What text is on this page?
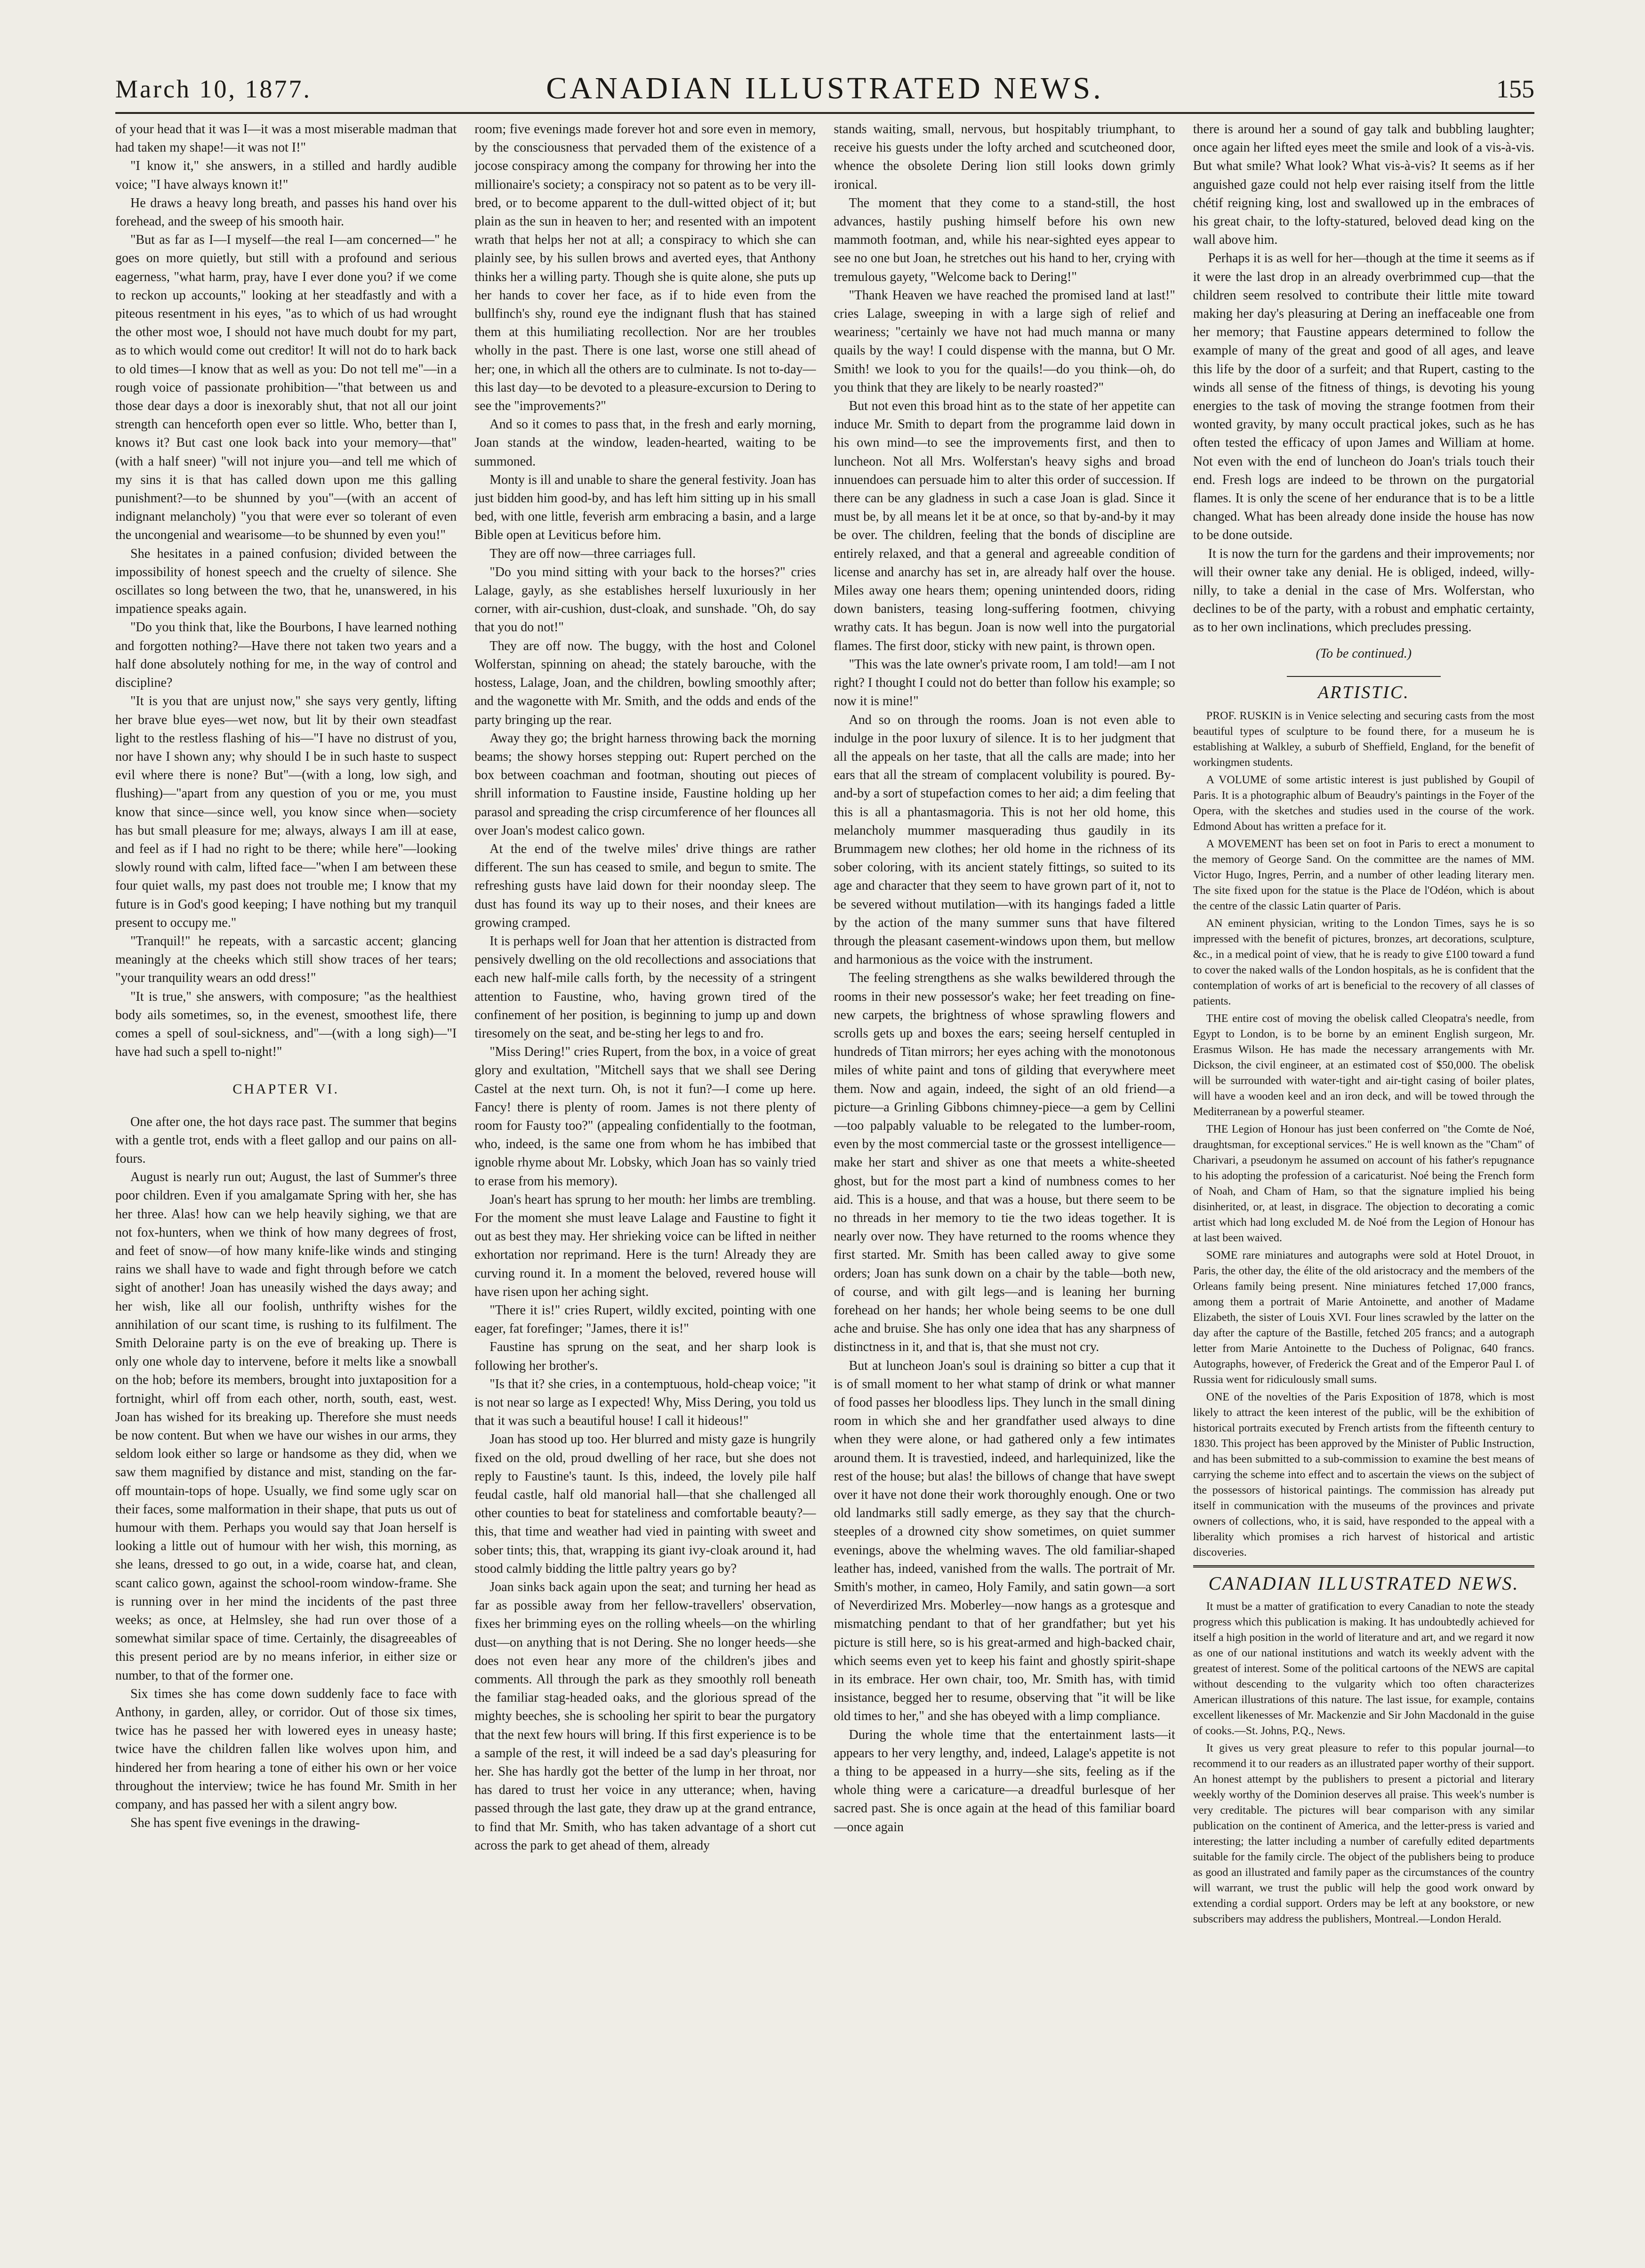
March 10, 1877.	CANADIAN ILLUSTRATED NEWS.	155

of your head that it was I—it was a most miserable madman that had taken my shape!—it was not I!"

"I know it," she answers, in a stilled and hardly audible voice; "I have always known it!"

He draws a heavy long breath, and passes his hand over his forehead, and the sweep of his smooth hair.

"But as far as I—I myself—the real I—am concerned—" he goes on more quietly, but still with a profound and serious eagerness, "what harm, pray, have I ever done you? if we come to reckon up accounts," looking at her steadfastly and with a piteous resentment in his eyes, "as to which of us had wrought the other most woe, I should not have much doubt for my part, as to which would come out creditor! It will not do to hark back to old times—I know that as well as you: Do not tell me"—in a rough voice of passionate prohibition—"that between us and those dear days a door is inexorably shut, that not all our joint strength can henceforth open ever so little. Who, better than I, knows it? But cast one look back into your memory—that" (with a half sneer) "will not injure you—and tell me which of my sins it is that has called down upon me this galling punishment?—to be shunned by you"—(with an accent of indignant melancholy) "you that were ever so tolerant of even the uncongenial and wearisome—to be shunned by even you!"

She hesitates in a pained confusion; divided between the impossibility of honest speech and the cruelty of silence. She oscillates so long between the two, that he, unanswered, in his impatience speaks again.

"Do you think that, like the Bourbons, I have learned nothing and forgotten nothing?—Have there not taken two years and a half done absolutely nothing for me, in the way of control and discipline?

"It is you that are unjust now," she says very gently, lifting her brave blue eyes—wet now, but lit by their own steadfast light to the restless flashing of his—"I have no distrust of you, nor have I shown any; why should I be in such haste to suspect evil where there is none? But"—(with a long, low sigh, and flushing)—"apart from any question of you or me, you must know that since—since well, you know since when—society has but small pleasure for me; always, always I am ill at ease, and feel as if I had no right to be there; while here"—looking slowly round with calm, lifted face—"when I am between these four quiet walls, my past does not trouble me; I know that my future is in God's good keeping; I have nothing but my tranquil present to occupy me."

"Tranquil!" he repeats, with a sarcastic accent; glancing meaningly at the cheeks which still show traces of her tears; "your tranquility wears an odd dress!"

"It is true," she answers, with composure; "as the healthiest body ails sometimes, so, in the evenest, smoothest life, there comes a spell of soul-sickness, and"—(with a long sigh)—"I have had such a spell to-night!"

CHAPTER VI.

One after one, the hot days race past. The summer that begins with a gentle trot, ends with a fleet gallop and our pains on all-fours.

August is nearly run out; August, the last of Summer's three poor children. Even if you amalgamate Spring with her, she has her three. Alas! how can we help heavily sighing, we that are not fox-hunters, when we think of how many degrees of frost, and feet of snow—of how many knife-like winds and stinging rains we shall have to wade and fight through before we catch sight of another! Joan has uneasily wished the days away; and her wish, like all our foolish, unthrifty wishes for the annihilation of our scant time, is rushing to its fulfilment. The Smith Deloraine party is on the eve of breaking up. There is only one whole day to intervene, before it melts like a snowball on the hob; before its members, brought into juxtaposition for a fortnight, whirl off from each other, north, south, east, west. Joan has wished for its breaking up. Therefore she must needs be now content. But when we have our wishes in our arms, they seldom look either so large or handsome as they did, when we saw them magnified by distance and mist, standing on the far-off mountain-tops of hope. Usually, we find some ugly scar on their faces, some malformation in their shape, that puts us out of humour with them. Perhaps you would say that Joan herself is looking a little out of humour with her wish, this morning, as she leans, dressed to go out, in a wide, coarse hat, and clean, scant calico gown, against the school-room window-frame. She is running over in her mind the incidents of the past three weeks; as once, at Helmsley, she had run over those of a somewhat similar space of time. Certainly, the disagreeables of this present period are by no means inferior, in either size or number, to that of the former one.

Six times she has come down suddenly face to face with Anthony, in garden, alley, or corridor. Out of those six times, twice has he passed her with lowered eyes in uneasy haste; twice have the children fallen like wolves upon him, and hindered her from hearing a tone of either his own or her voice throughout the interview; twice he has found Mr. Smith in her company, and has passed her with a silent angry bow.

She has spent five evenings in the drawing-

room; five evenings made forever hot and sore even in memory, by the consciousness that pervaded them of the existence of a jocose conspiracy among the company for throwing her into the millionaire's society; a conspiracy not so patent as to be very ill-bred, or to become apparent to the dull-witted object of it; but plain as the sun in heaven to her; and resented with an impotent wrath that helps her not at all; a conspiracy to which she can plainly see, by his sullen brows and averted eyes, that Anthony thinks her a willing party. Though she is quite alone, she puts up her hands to cover her face, as if to hide even from the bullfinch's shy, round eye the indignant flush that has stained them at this humiliating recollection. Nor are her troubles wholly in the past. There is one last, worse one still ahead of her; one, in which all the others are to culminate. Is not to-day—this last day—to be devoted to a pleasure-excursion to Dering to see the "improvements?"

And so it comes to pass that, in the fresh and early morning, Joan stands at the window, leaden-hearted, waiting to be summoned.

Monty is ill and unable to share the general festivity. Joan has just bidden him good-by, and has left him sitting up in his small bed, with one little, feverish arm embracing a basin, and a large Bible open at Leviticus before him.

They are off now—three carriages full.

"Do you mind sitting with your back to the horses?" cries Lalage, gayly, as she establishes herself luxuriously in her corner, with air-cushion, dust-cloak, and sunshade. "Oh, do say that you do not!"

They are off now. The buggy, with the host and Colonel Wolferstan, spinning on ahead; the stately barouche, with the hostess, Lalage, Joan, and the children, bowling smoothly after; and the wagonette with Mr. Smith, and the odds and ends of the party bringing up the rear.

Away they go; the bright harness throwing back the morning beams; the showy horses stepping out: Rupert perched on the box between coachman and footman, shouting out pieces of shrill information to Faustine inside, Faustine holding up her parasol and spreading the crisp circumference of her flounces all over Joan's modest calico gown.

At the end of the twelve miles' drive things are rather different. The sun has ceased to smile, and begun to smite. The refreshing gusts have laid down for their noonday sleep. The dust has found its way up to their noses, and their knees are growing cramped.

It is perhaps well for Joan that her attention is distracted from pensively dwelling on the old recollections and associations that each new half-mile calls forth, by the necessity of a stringent attention to Faustine, who, having grown tired of the confinement of her position, is beginning to jump up and down tiresomely on the seat, and be-sting her legs to and fro.

"Miss Dering!" cries Rupert, from the box, in a voice of great glory and exultation, "Mitchell says that we shall see Dering Castel at the next turn. Oh, is not it fun?—I come up here. Fancy! there is plenty of room. James is not there plenty of room for Fausty too?" (appealing confidentially to the footman, who, indeed, is the same one from whom he has imbibed that ignoble rhyme about Mr. Lobsky, which Joan has so vainly tried to erase from his memory).

Joan's heart has sprung to her mouth: her limbs are trembling. For the moment she must leave Lalage and Faustine to fight it out as best they may. Her shrieking voice can be lifted in neither exhortation nor reprimand. Here is the turn! Already they are curving round it. In a moment the beloved, revered house will have risen upon her aching sight.

"There it is!" cries Rupert, wildly excited, pointing with one eager, fat forefinger; "James, there it is!"

Faustine has sprung on the seat, and her sharp look is following her brother's.

"Is that it? she cries, in a contemptuous, hold-cheap voice; "it is not near so large as I expected! Why, Miss Dering, you told us that it was such a beautiful house! I call it hideous!"

Joan has stood up too. Her blurred and misty gaze is hungrily fixed on the old, proud dwelling of her race, but she does not reply to Faustine's taunt. Is this, indeed, the lovely pile half feudal castle, half old manorial hall—that she challenged all other counties to beat for stateliness and comfortable beauty?—this, that time and weather had vied in painting with sweet and sober tints; this, that, wrapping its giant ivy-cloak around it, had stood calmly bidding the little paltry years go by?

Joan sinks back again upon the seat; and turning her head as far as possible away from her fellow-travellers' observation, fixes her brimming eyes on the rolling wheels—on the whirling dust—on anything that is not Dering. She no longer heeds—she does not even hear any more of the children's jibes and comments. All through the park as they smoothly roll beneath the familiar stag-headed oaks, and the glorious spread of the mighty beeches, she is schooling her spirit to bear the purgatory that the next few hours will bring. If this first experience is to be a sample of the rest, it will indeed be a sad day's pleasuring for her. She has hardly got the better of the lump in her throat, nor has dared to trust her voice in any utterance; when, having passed through the last gate, they draw up at the grand entrance, to find that Mr. Smith, who has taken advantage of a short cut across the park to get ahead of them, already

stands waiting, small, nervous, but hospitably triumphant, to receive his guests under the lofty arched and scutcheoned door, whence the obsolete Dering lion still looks down grimly ironical.

The moment that they come to a stand-still, the host advances, hastily pushing himself before his own new mammoth footman, and, while his near-sighted eyes appear to see no one but Joan, he stretches out his hand to her, crying with tremulous gayety, "Welcome back to Dering!"

"Thank Heaven we have reached the promised land at last!" cries Lalage, sweeping in with a large sigh of relief and weariness; "certainly we have not had much manna or many quails by the way! I could dispense with the manna, but O Mr. Smith! we look to you for the quails!—do you think—oh, do you think that they are likely to be nearly roasted?"

But not even this broad hint as to the state of her appetite can induce Mr. Smith to depart from the programme laid down in his own mind—to see the improvements first, and then to luncheon. Not all Mrs. Wolferstan's heavy sighs and broad innuendoes can persuade him to alter this order of succession. If there can be any gladness in such a case Joan is glad. Since it must be, by all means let it be at once, so that by-and-by it may be over. The children, feeling that the bonds of discipline are entirely relaxed, and that a general and agreeable condition of license and anarchy has set in, are already half over the house. Miles away one hears them; opening unintended doors, riding down banisters, teasing long-suffering footmen, chivying wrathy cats. It has begun. Joan is now well into the purgatorial flames. The first door, sticky with new paint, is thrown open.

"This was the late owner's private room, I am told!—am I not right? I thought I could not do better than follow his example; so now it is mine!"

And so on through the rooms. Joan is not even able to indulge in the poor luxury of silence. It is to her judgment that all the appeals on her taste, that all the calls are made; into her ears that all the stream of complacent volubility is poured. By-and-by a sort of stupefaction comes to her aid; a dim feeling that this is all a phantasmagoria. This is not her old home, this melancholy mummer masquerading thus gaudily in its Brummagem new clothes; her old home in the richness of its sober coloring, with its ancient stately fittings, so suited to its age and character that they seem to have grown part of it, not to be severed without mutilation—with its hangings faded a little by the action of the many summer suns that have filtered through the pleasant casement-windows upon them, but mellow and harmonious as the voice with the instrument.

The feeling strengthens as she walks bewildered through the rooms in their new possessor's wake; her feet treading on fine-new carpets, the brightness of whose sprawling flowers and scrolls gets up and boxes the ears; seeing herself centupled in hundreds of Titan mirrors; her eyes aching with the monotonous miles of white paint and tons of gilding that everywhere meet them. Now and again, indeed, the sight of an old friend—a picture—a Grinling Gibbons chimney-piece—a gem by Cellini—too palpably valuable to be relegated to the lumber-room, even by the most commercial taste or the grossest intelligence—make her start and shiver as one that meets a white-sheeted ghost, but for the most part a kind of numbness comes to her aid. This is a house, and that was a house, but there seem to be no threads in her memory to tie the two ideas together. It is nearly over now. They have returned to the rooms whence they first started. Mr. Smith has been called away to give some orders; Joan has sunk down on a chair by the table—both new, of course, and with gilt legs—and is leaning her burning forehead on her hands; her whole being seems to be one dull ache and bruise. She has only one idea that has any sharpness of distinctness in it, and that is, that she must not cry.

But at luncheon Joan's soul is draining so bitter a cup that it is of small moment to her what stamp of drink or what manner of food passes her bloodless lips. They lunch in the small dining room in which she and her grandfather used always to dine when they were alone, or had gathered only a few intimates around them. It is travestied, indeed, and harlequinized, like the rest of the house; but alas! the billows of change that have swept over it have not done their work thoroughly enough. One or two old landmarks still sadly emerge, as they say that the church-steeples of a drowned city show sometimes, on quiet summer evenings, above the whelming waves. The old familiar-shaped leather has, indeed, vanished from the walls. The portrait of Mr. Smith's mother, in cameo, Holy Family, and satin gown—a sort of Neverdirized Mrs. Moberley—now hangs as a grotesque and mismatching pendant to that of her grandfather; but yet his picture is still here, so is his great-armed and high-backed chair, which seems even yet to keep his faint and ghostly spirit-shape in its embrace. Her own chair, too, Mr. Smith has, with timid insistance, begged her to resume, observing that "it will be like old times to her," and she has obeyed with a limp compliance.

During the whole time that the entertainment lasts—it appears to her very lengthy, and, indeed, Lalage's appetite is not a thing to be appeased in a hurry—she sits, feeling as if the whole thing were a caricature—a dreadful burlesque of her sacred past. She is once again at the head of this familiar board—once again

there is around her a sound of gay talk and bubbling laughter; once again her lifted eyes meet the smile and look of a vis-à-vis. But what smile? What look? What vis-à-vis? It seems as if her anguished gaze could not help ever raising itself from the little chétif reigning king, lost and swallowed up in the embraces of his great chair, to the lofty-statured, beloved dead king on the wall above him.

Perhaps it is as well for her—though at the time it seems as if it were the last drop in an already overbrimmed cup—that the children seem resolved to contribute their little mite toward making her day's pleasuring at Dering an ineffaceable one from her memory; that Faustine appears determined to follow the example of many of the great and good of all ages, and leave this life by the door of a surfeit; and that Rupert, casting to the winds all sense of the fitness of things, is devoting his young energies to the task of moving the strange footmen from their wonted gravity, by many occult practical jokes, such as he has often tested the efficacy of upon James and William at home. Not even with the end of luncheon do Joan's trials touch their end. Fresh logs are indeed to be thrown on the purgatorial flames. It is only the scene of her endurance that is to be a little changed. What has been already done inside the house has now to be done outside.

It is now the turn for the gardens and their improvements; nor will their owner take any denial. He is obliged, indeed, willy-nilly, to take a denial in the case of Mrs. Wolferstan, who declines to be of the party, with a robust and emphatic certainty, as to her own inclinations, which precludes pressing.

(To be continued.)
ARTISTIC.

PROF. RUSKIN is in Venice selecting and securing casts from the most beautiful types of sculpture to be found there, for a museum he is establishing at Walkley, a suburb of Sheffield, England, for the benefit of workingmen students.

A VOLUME of some artistic interest is just published by Goupil of Paris. It is a photographic album of Beaudry's paintings in the Foyer of the Opera, with the sketches and studies used in the course of the work. Edmond About has written a preface for it.

A MOVEMENT has been set on foot in Paris to erect a monument to the memory of George Sand. On the committee are the names of MM. Victor Hugo, Ingres, Perrin, and a number of other leading literary men. The site fixed upon for the statue is the Place de l'Odéon, which is about the centre of the classic Latin quarter of Paris.

AN eminent physician, writing to the London Times, says he is so impressed with the benefit of pictures, bronzes, art decorations, sculpture, &c., in a medical point of view, that he is ready to give £100 toward a fund to cover the naked walls of the London hospitals, as he is confident that the contemplation of works of art is beneficial to the recovery of all classes of patients.

THE entire cost of moving the obelisk called Cleopatra's needle, from Egypt to London, is to be borne by an eminent English surgeon, Mr. Erasmus Wilson. He has made the necessary arrangements with Mr. Dickson, the civil engineer, at an estimated cost of $50,000. The obelisk will be surrounded with water-tight and air-tight casing of boiler plates, will have a wooden keel and an iron deck, and will be towed through the Mediterranean by a powerful steamer.

THE Legion of Honour has just been conferred on "the Comte de Noé, draughtsman, for exceptional services." He is well known as the "Cham" of Charivari, a pseudonym he assumed on account of his father's repugnance to his adopting the profession of a caricaturist. Noé being the French form of Noah, and Cham of Ham, so that the signature implied his being disinherited, or, at least, in disgrace. The objection to decorating a comic artist which had long excluded M. de Noé from the Legion of Honour has at last been waived.

SOME rare miniatures and autographs were sold at Hotel Drouot, in Paris, the other day, the élite of the old aristocracy and the members of the Orleans family being present. Nine miniatures fetched 17,000 francs, among them a portrait of Marie Antoinette, and another of Madame Elizabeth, the sister of Louis XVI. Four lines scrawled by the latter on the day after the capture of the Bastille, fetched 205 francs; and a autograph letter from Marie Antoinette to the Duchess of Polignac, 640 francs. Autographs, however, of Frederick the Great and of the Emperor Paul I. of Russia went for ridiculously small sums.

ONE of the novelties of the Paris Exposition of 1878, which is most likely to attract the keen interest of the public, will be the exhibition of historical portraits executed by French artists from the fifteenth century to 1830. This project has been approved by the Minister of Public Instruction, and has been submitted to a sub-commission to examine the best means of carrying the scheme into effect and to ascertain the views on the subject of the possessors of historical paintings. The commission has already put itself in communication with the museums of the provinces and private owners of collections, who, it is said, have responded to the appeal with a liberality which promises a rich harvest of historical and artistic discoveries.

CANADIAN ILLUSTRATED NEWS.

It must be a matter of gratification to every Canadian to note the steady progress which this publication is making. It has undoubtedly achieved for itself a high position in the world of literature and art, and we regard it now as one of our national institutions and watch its weekly advent with the greatest of interest. Some of the political cartoons of the NEWS are capital without descending to the vulgarity which too often characterizes American illustrations of this nature. The last issue, for example, contains excellent likenesses of Mr. Mackenzie and Sir John Macdonald in the guise of cooks.—St. Johns, P.Q., News.

It gives us very great pleasure to refer to this popular journal—to recommend it to our readers as an illustrated paper worthy of their support. An honest attempt by the publishers to present a pictorial and literary weekly worthy of the Dominion deserves all praise. This week's number is very creditable. The pictures will bear comparison with any similar publication on the continent of America, and the letter-press is varied and interesting; the latter including a number of carefully edited departments suitable for the family circle. The object of the publishers being to produce as good an illustrated and family paper as the circumstances of the country will warrant, we trust the public will help the good work onward by extending a cordial support. Orders may be left at any bookstore, or new subscribers may address the publishers, Montreal.—London Herald.
